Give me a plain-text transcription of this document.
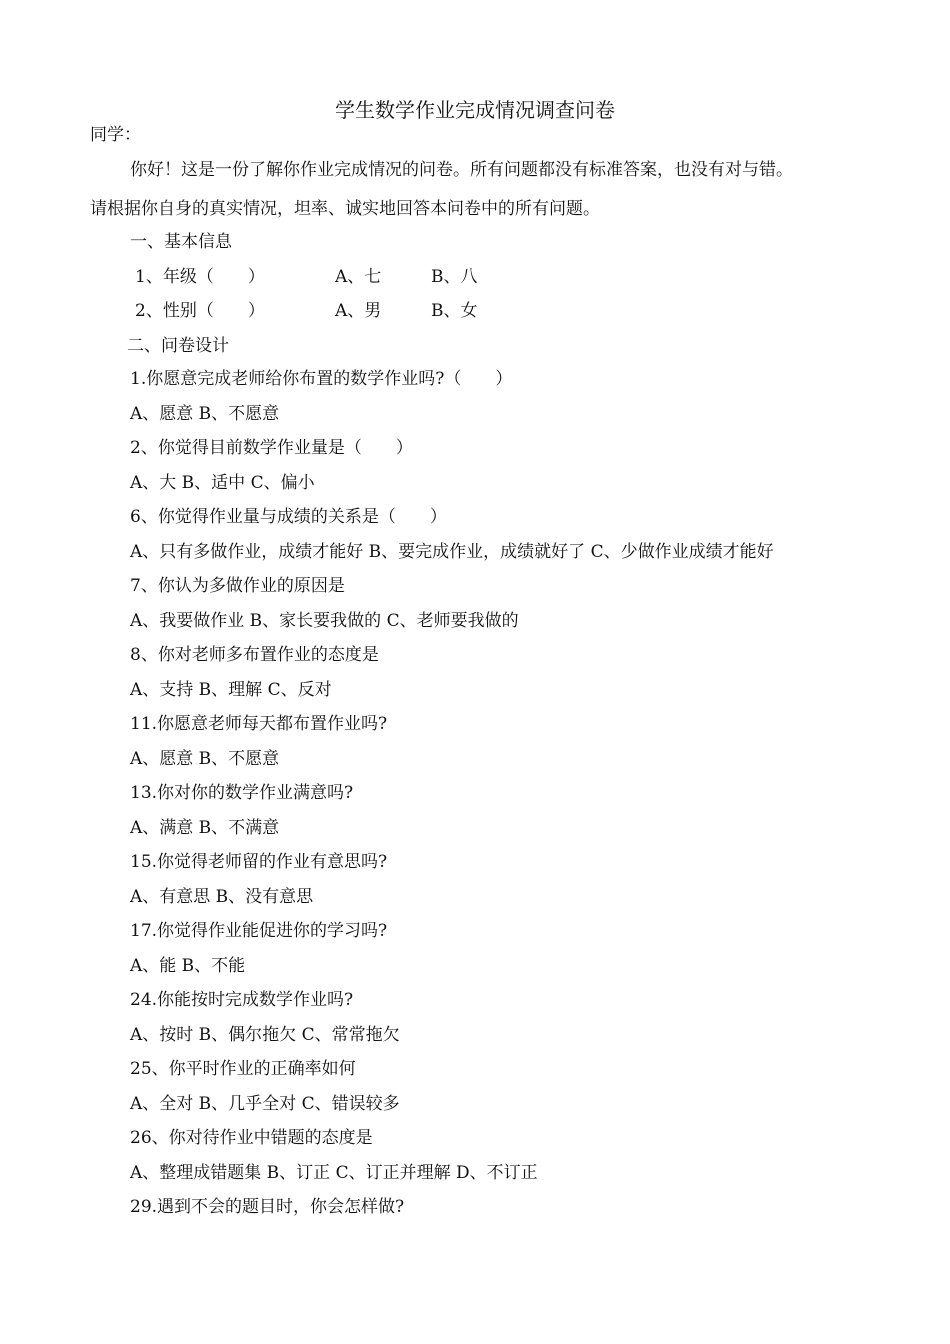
学生数学作业完成情况调查问卷
同学：
你好！这是一份了解你作业完成情况的问卷。所有问题都没有标准答案，也没有对与错。
请根据你自身的真实情况，坦率、诚实地回答本问卷中的所有问题。
一、基本信息
1、年级（　　）	A、七	B、八
2、性别（　　）	A、男	B、女
二、问卷设计
1.你愿意完成老师给你布置的数学作业吗?（　　）
A、愿意 B、不愿意
2、你觉得目前数学作业量是（　　）
A、大 B、适中 C、偏小
6、你觉得作业量与成绩的关系是（　　）
A、只有多做作业，成绩才能好 B、要完成作业，成绩就好了 C、少做作业成绩才能好
7、你认为多做作业的原因是
A、我要做作业 B、家长要我做的 C、老师要我做的
8、你对老师多布置作业的态度是
A、支持 B、理解 C、反对
11.你愿意老师每天都布置作业吗?
A、愿意 B、不愿意
13.你对你的数学作业满意吗?
A、满意 B、不满意
15.你觉得老师留的作业有意思吗?
A、有意思 B、没有意思
17.你觉得作业能促进你的学习吗?
A、能 B、不能
24.你能按时完成数学作业吗?
A、按时 B、偶尔拖欠 C、常常拖欠
25、你平时作业的正确率如何
A、全对 B、几乎全对 C、错误较多
26、你对待作业中错题的态度是
A、整理成错题集 B、订正 C、订正并理解 D、不订正
29.遇到不会的题目时，你会怎样做?
